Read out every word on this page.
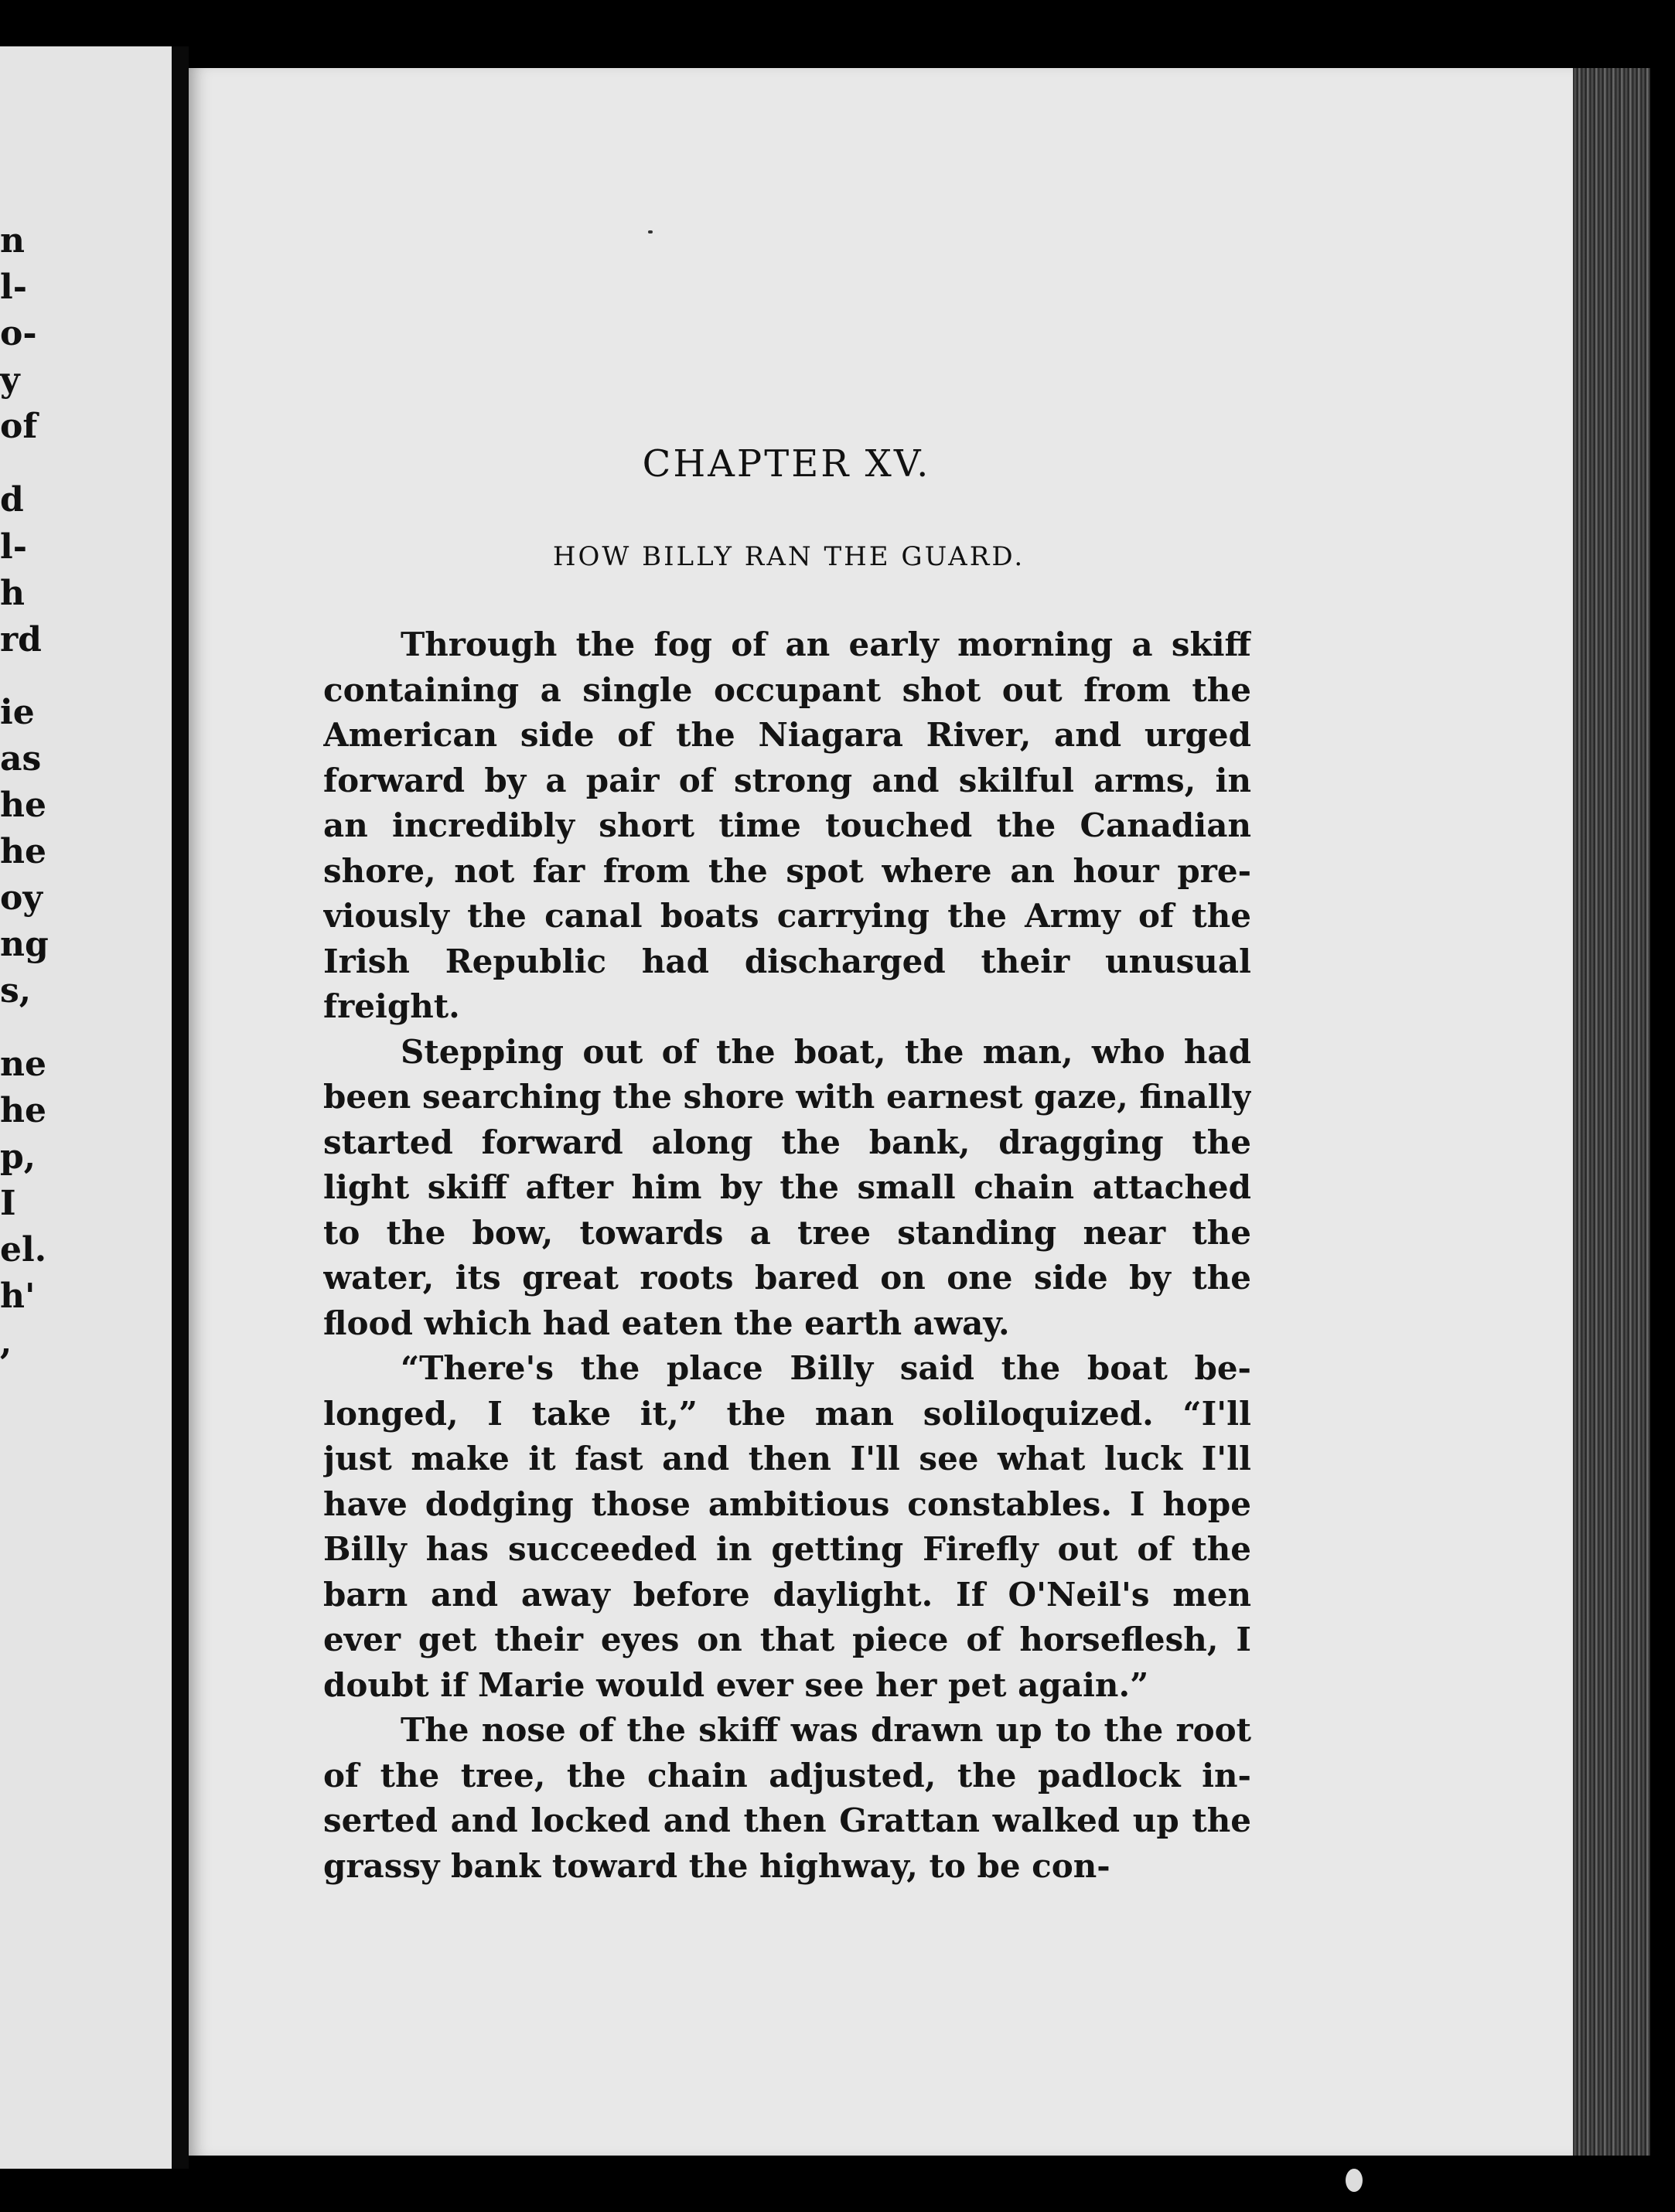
n
l-
o-
y
of
d
l-
h
rd
ie
as
he
he
oy
ng
s,
ne
he
p,
I
el.
h'
,
CHAPTER XV.
HOW BILLY RAN THE GUARD.
Through the fog of an early morning a skiff
containing a single occupant shot out from the
American side of the Niagara River, and urged
forward by a pair of strong and skilful arms, in
an incredibly short time touched the Canadian
shore, not far from the spot where an hour pre-
viously the canal boats carrying the Army of the
Irish Republic had discharged their unusual
freight.
Stepping out of the boat, the man, who had
been searching the shore with earnest gaze, finally
started forward along the bank, dragging the
light skiff after him by the small chain attached
to the bow, towards a tree standing near the
water, its great roots bared on one side by the
flood which had eaten the earth away.
“There's the place Billy said the boat be-
longed, I take it,” the man soliloquized. “I'll
just make it fast and then I'll see what luck I'll
have dodging those ambitious constables. I hope
Billy has succeeded in getting Firefly out of the
barn and away before daylight. If O'Neil's men
ever get their eyes on that piece of horseflesh, I
doubt if Marie would ever see her pet again.”
The nose of the skiff was drawn up to the root
of the tree, the chain adjusted, the padlock in-
serted and locked and then Grattan walked up the
grassy bank toward the highway, to be con-
